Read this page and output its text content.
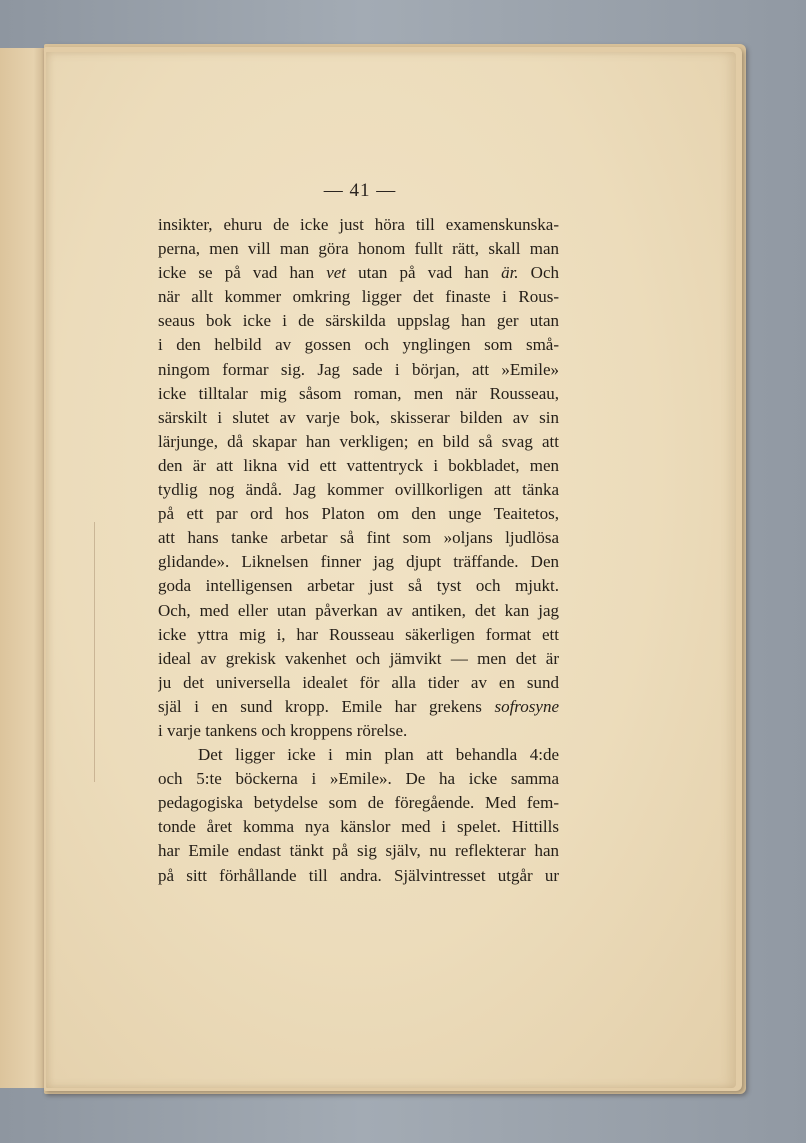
— 41 —
insikter, ehuru de icke just höra till examenskunska-
perna, men vill man göra honom fullt rätt, skall man
icke se på vad han vet utan på vad han är. Och
när allt kommer omkring ligger det finaste i Rous-
seaus bok icke i de särskilda uppslag han ger utan
i den helbild av gossen och ynglingen som små-
ningom formar sig. Jag sade i början, att »Emile»
icke tilltalar mig såsom roman, men när Rousseau,
särskilt i slutet av varje bok, skisserar bilden av sin
lärjunge, då skapar han verkligen; en bild så svag att
den är att likna vid ett vattentryck i bokbladet, men
tydlig nog ändå. Jag kommer ovillkorligen att tänka
på ett par ord hos Platon om den unge Teaitetos,
att hans tanke arbetar så fint som »oljans ljudlösa
glidande». Liknelsen finner jag djupt träffande. Den
goda intelligensen arbetar just så tyst och mjukt.
Och, med eller utan påverkan av antiken, det kan jag
icke yttra mig i, har Rousseau säkerligen format ett
ideal av grekisk vakenhet och jämvikt — men det är
ju det universella idealet för alla tider av en sund
själ i en sund kropp. Emile har grekens sofrosyne
i varje tankens och kroppens rörelse.
Det ligger icke i min plan att behandla 4:de
och 5:te böckerna i »Emile». De ha icke samma
pedagogiska betydelse som de föregående. Med fem-
tonde året komma nya känslor med i spelet. Hittills
har Emile endast tänkt på sig själv, nu reflekterar han
på sitt förhållande till andra. Självintresset utgår ur
